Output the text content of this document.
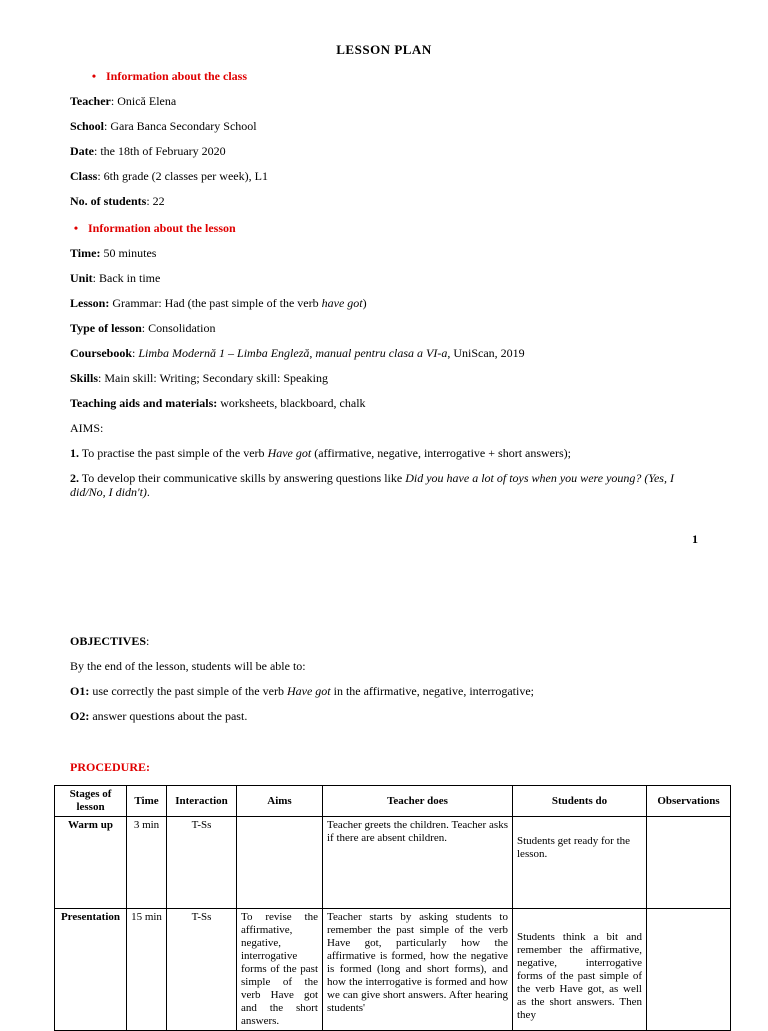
LESSON PLAN
• Information about the class
Teacher: Onică Elena
School: Gara Banca Secondary School
Date: the 18th of February 2020
Class: 6th grade (2 classes per week), L1
No. of students: 22
• Information about the lesson
Time: 50 minutes
Unit: Back in time
Lesson: Grammar: Had (the past simple of the verb have got)
Type of lesson: Consolidation
Coursebook: Limba Modernă 1 – Limba Engleză, manual pentru clasa a VI-a, UniScan, 2019
Skills: Main skill: Writing; Secondary skill: Speaking
Teaching aids and materials: worksheets, blackboard, chalk
AIMS:
1. To practise the past simple of the verb Have got (affirmative, negative, interrogative + short answers);
2. To develop their communicative skills by answering questions like Did you have a lot of toys when you were young? (Yes, I did/No, I didn't).
1
OBJECTIVES:
By the end of the lesson, students will be able to:
O1: use correctly the past simple of the verb Have got in the affirmative, negative, interrogative;
O2: answer questions about the past.
PROCEDURE:
Stages of lesson	Time	Interaction	Aims	Teacher does	Students do	Observations
Warm up	3 min	T-Ss		Teacher greets the children. Teacher asks if there are absent children.	Students get ready for the lesson.	
Presentation	15 min	T-Ss	To revise the affirmative, negative, interrogative forms of the past simple of the verb Have got and the short answers.	Teacher starts by asking students to remember the past simple of the verb Have got, particularly how the affirmative is formed, how the negative is formed (long and short forms), and how the interrogative is formed and how we can give short answers. After hearing students'	Students think a bit and remember the affirmative, negative, interrogative forms of the past simple of the verb Have got, as well as the short answers. Then they	
